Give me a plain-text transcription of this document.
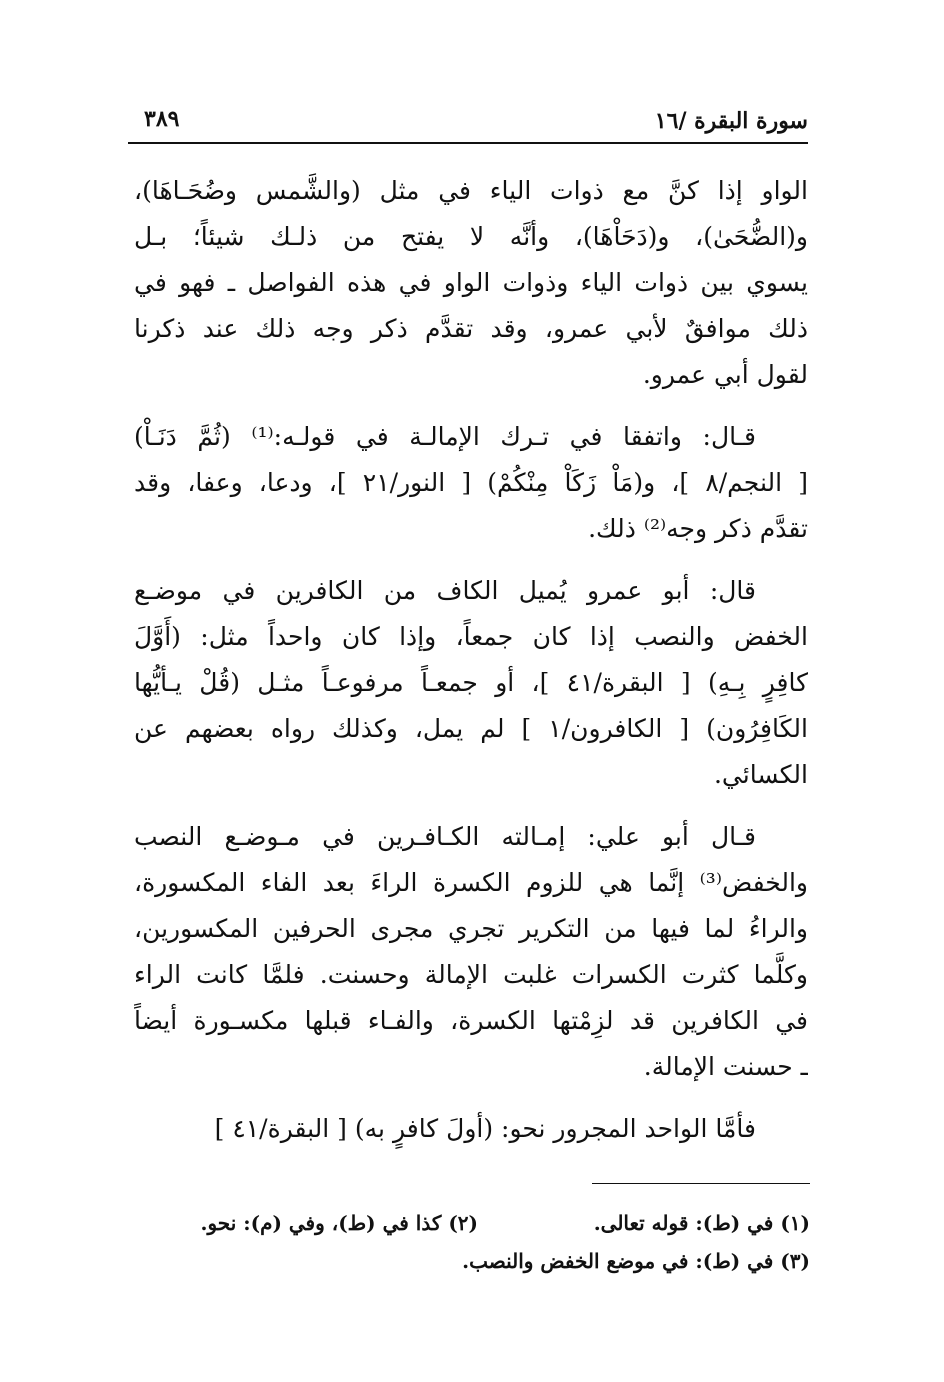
سورة البقرة /١٦
٣٨٩
الواو إذا كنَّ مع ذوات الياء في مثل (والشَّمس وضُحَـاهَا)،
و(الضُّحَىٰ)، و(دَحَاْهَا)، وأنَّه لا يفتح من ذلـك شيئاً؛ بـل
يسوي بين ذوات الياء وذوات الواو في هذه الفواصل ـ فهو في
ذلك موافقٌ لأبي عمرو، وقد تقدَّم ذكر وجه ذلك عند ذكرنا
لقول أبي عمرو.
قـال: واتفقا في تـرك الإمالـة في قولـه:⁽¹⁾ (ثُمَّ دَنَـاْ)
[ النجم/٨ ]، و(مَاْ زَكَاْ مِنْكُمْ) [ النور/٢١ ]، ودعا، وعفا، وقد
تقدَّم ذكر وجه⁽²⁾ ذلك.
قال: أبو عمرو يُميل الكاف من الكافرين في موضـع
الخفض والنصب إذا كان جمعاً، وإذا كان واحداً مثل: (أَوَّلَ
كافِرٍ بِـهِ) [ البقرة/٤١ ]، أو جمعـاً مرفوعـاً مثـل (قُلْ يـأيُّها
الكَافِرُون) [ الكافرون/١ ] لم يمل، وكذلك رواه بعضهم عن
الكسائي.
قـال أبو علي: إمـالته الكـافـرين في مـوضـع النصب
والخفض⁽³⁾ إنَّما هي للزوم الكسرة الراءَ بعد الفاء المكسورة،
والراءُ لما فيها من التكرير تجري مجرى الحرفين المكسورين،
وكلَّما كثرت الكسرات غلبت الإمالة وحسنت. فلمَّا كانت الراء
في الكافرين قد لزِمْتها الكسرة، والفـاء قبلها مكسـورة أيضاً
ـ حسنت الإمالة.
فأمَّا الواحد المجرور نحو: (أولَ كافرٍ به) [ البقرة/٤١ ]
(١) في (ط): قوله تعالى.
(٢) كذا في (ط)، وفي (م): نحو.
(٣) في (ط): في موضع الخفض والنصب.
